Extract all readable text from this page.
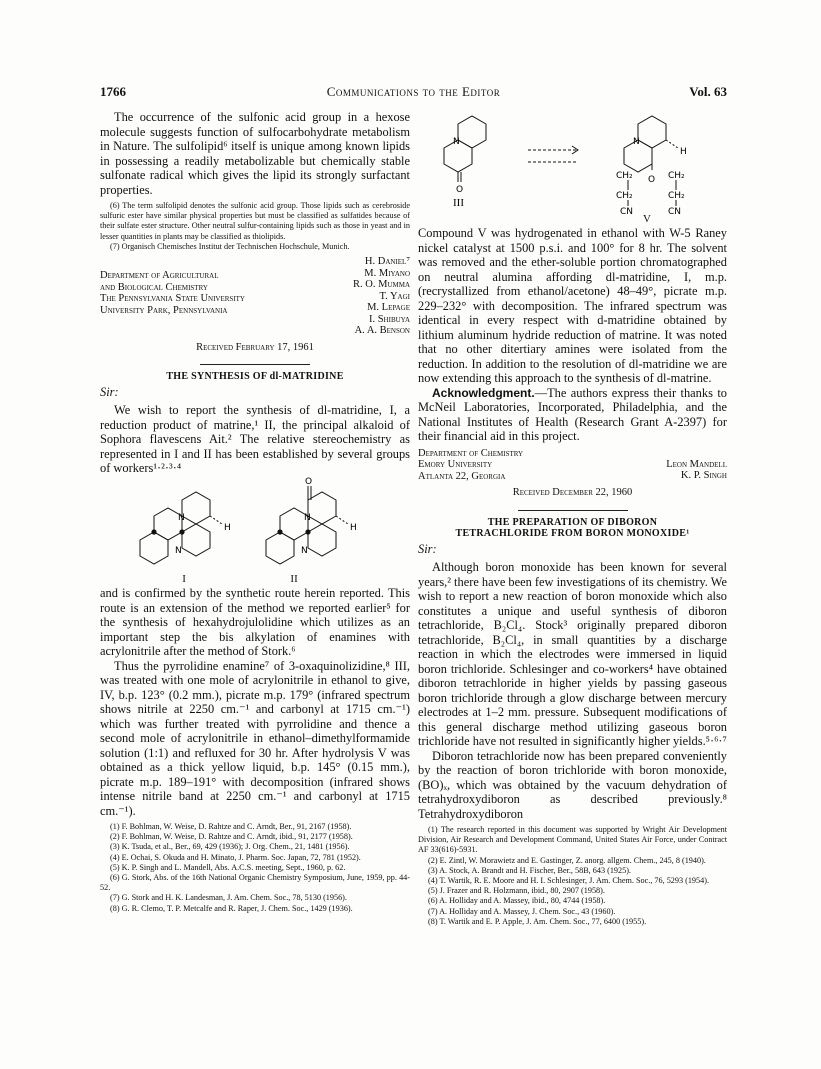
1766	Communications to the Editor	Vol. 63

The occurrence of the sulfonic acid group in a hexose molecule suggests function of sulfocarbohydrate metabolism in Nature. The sulfolipid⁶ itself is unique among known lipids in possessing a readily metabolizable but chemically stable sulfonate radical which gives the lipid its strongly surfactant properties.

(6) The term sulfolipid denotes the sulfonic acid group. Those lipids such as cerebroside sulfuric ester have similar physical properties but must be classified as sulfatides because of their sulfate ester structure. Other neutral sulfur-containing lipids such as those in yeast and in lesser quantities in plants may be classified as thiolipids.

(7) Organisch Chemisches Institut der Technischen Hochschule, Munich.

Department of Agricultural
and Biological Chemistry
The Pennsylvania State University
University Park, Pennsylvania
H. Daniel⁷
M. Miyano
R. O. Mumma
T. Yagi
M. Lepage
I. Shibuya
A. A. Benson
Received February 17, 1961
THE SYNTHESIS OF dl-MATRIDINE
Sir:

We wish to report the synthesis of dl-matridine, I, a reduction product of matrine,¹ II, the principal alkaloid of Sophora flavescens Ait.² The relative stereochemistry as represented in I and II has been established by several groups of workers¹·²·³·⁴

N
N
H
N
N
H
O
I	II

and is confirmed by the synthetic route herein reported. This route is an extension of the method we reported earlier⁵ for the synthesis of hexahydrojulolidine which utilizes as an important step the bis alkylation of enamines with acrylonitrile after the method of Stork.⁶

Thus the pyrrolidine enamine⁷ of 3-oxaquinolizidine,⁸ III, was treated with one mole of acrylonitrile in ethanol to give, IV, b.p. 123° (0.2 mm.), picrate m.p. 179° (infrared spectrum shows nitrile at 2250 cm.⁻¹ and carbonyl at 1715 cm.⁻¹) which was further treated with pyrrolidine and thence a second mole of acrylonitrile in ethanol–dimethylformamide solution (1:1) and refluxed for 30 hr. After hydrolysis V was obtained as a thick yellow liquid, b.p. 145° (0.15 mm.), picrate m.p. 189–191° with decomposition (infrared shows intense nitrile band at 2250 cm.⁻¹ and carbonyl at 1715 cm.⁻¹).

(1) F. Bohlman, W. Weise, D. Rahtze and C. Arndt, Ber., 91, 2167 (1958).

(2) F. Bohlman, W. Weise, D. Rahtze and C. Arndt, ibid., 91, 2177 (1958).

(3) K. Tsuda, et al., Ber., 69, 429 (1936); J. Org. Chem., 21, 1481 (1956).

(4) E. Ochai, S. Okuda and H. Minato, J. Pharm. Soc. Japan, 72, 781 (1952).

(5) K. P. Singh and L. Mandell, Abs. A.C.S. meeting, Sept., 1960, p. 62.

(6) G. Stork, Abs. of the 16th National Organic Chemistry Symposium, June, 1959, pp. 44-52.

(7) G. Stork and H. K. Landesman, J. Am. Chem. Soc., 78, 5130 (1956).

(8) G. R. Clemo, T. P. Metcalfe and R. Raper, J. Chem. Soc., 1429 (1936).

N
O
III
N
H
CH₂	CH₂
O
CH₂	CH₂
CN	CN
V

Compound V was hydrogenated in ethanol with W-5 Raney nickel catalyst at 1500 p.s.i. and 100° for 8 hr. The solvent was removed and the ether-soluble portion chromatographed on neutral alumina affording dl-matridine, I, m.p. (recrystallized from ethanol/acetone) 48–49°, picrate m.p. 229–232° with decomposition. The infrared spectrum was identical in every respect with d-matridine obtained by lithium aluminum hydride reduction of matrine. It was noted that no other ditertiary amines were isolated from the reduction. In addition to the resolution of dl-matridine we are now extending this approach to the synthesis of dl-matrine.

Acknowledgment.—The authors express their thanks to McNeil Laboratories, Incorporated, Philadelphia, and the National Institutes of Health (Research Grant A-2397) for their financial aid in this project.

Department of Chemistry
Emory University
Atlanta 22, Georgia
Leon Mandell
K. P. Singh
Received December 22, 1960
THE PREPARATION OF DIBORON
TETRACHLORIDE FROM BORON MONOXIDE¹
Sir:

Although boron monoxide has been known for several years,² there have been few investigations of its chemistry. We wish to report a new reaction of boron monoxide which also constitutes a unique and useful synthesis of diboron tetrachloride, B₂Cl₄. Stock³ originally prepared diboron tetrachloride, B₂Cl₄, in small quantities by a discharge reaction in which the electrodes were immersed in liquid boron trichloride. Schlesinger and co-workers⁴ have obtained diboron tetrachloride in higher yields by passing gaseous boron trichloride through a glow discharge between mercury electrodes at 1–2 mm. pressure. Subsequent modifications of this general discharge method utilizing gaseous boron trichloride have not resulted in significantly higher yields.⁵·⁶·⁷

Diboron tetrachloride now has been prepared conveniently by the reaction of boron trichloride with boron monoxide, (BO)ₓ, which was obtained by the vacuum dehydration of tetrahydroxydiboron as described previously.⁸ Tetrahydroxydiboron

(1) The research reported in this document was supported by Wright Air Development Division, Air Research and Development Command, United States Air Force, under Contract AF 33(616)-5931.

(2) E. Zintl, W. Morawietz and E. Gastinger, Z. anorg. allgem. Chem., 245, 8 (1940).

(3) A. Stock, A. Brandt and H. Fischer, Ber., 58B, 643 (1925).

(4) T. Wartik, R. E. Moore and H. I. Schlesinger, J. Am. Chem. Soc., 76, 5293 (1954).

(5) J. Frazer and R. Holzmann, ibid., 80, 2907 (1958).

(6) A. Holliday and A. Massey, ibid., 80, 4744 (1958).

(7) A. Holliday and A. Massey, J. Chem. Soc., 43 (1960).

(8) T. Wartik and E. P. Apple, J. Am. Chem. Soc., 77, 6400 (1955).
